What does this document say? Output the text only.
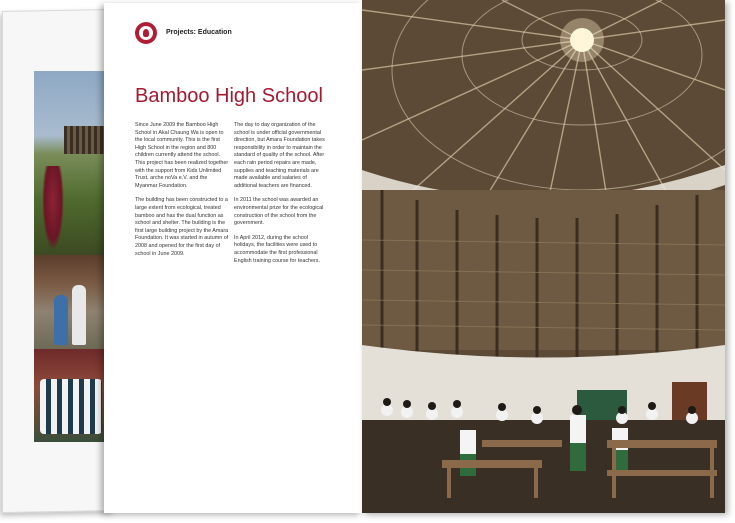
Projects: Education
Bamboo High School

Since June 2009 the Bamboo High School in Akal Chaung Wa is open to the local community. This is the first High School in the region and 800 children currently attend the school. This project has been realized together with the support from Kids Unlimited Trust, arche noVa e.V. and the Myanmar Foundation.

The building has been constructed to a large extent from ecological, treated bamboo and has the dual function as school and shelter. The building is the first large building project by the Amara Foundation. It was started in autumn of 2008 and opened for the first day of school in June 2009.

The day to day organization of the school is under official governmental direction, but Amara Foundation takes responsibility in order to maintain the standard of quality of the school. After each rain period repairs are made, supplies and teaching materials are made available and salaries of additional teachers are financed.

In 2011 the school was awarded an environmental prize for the ecological construction of the school from the government.

In April 2012, during the school holidays, the facilities were used to accommodate the first professional English training course for teachers.
